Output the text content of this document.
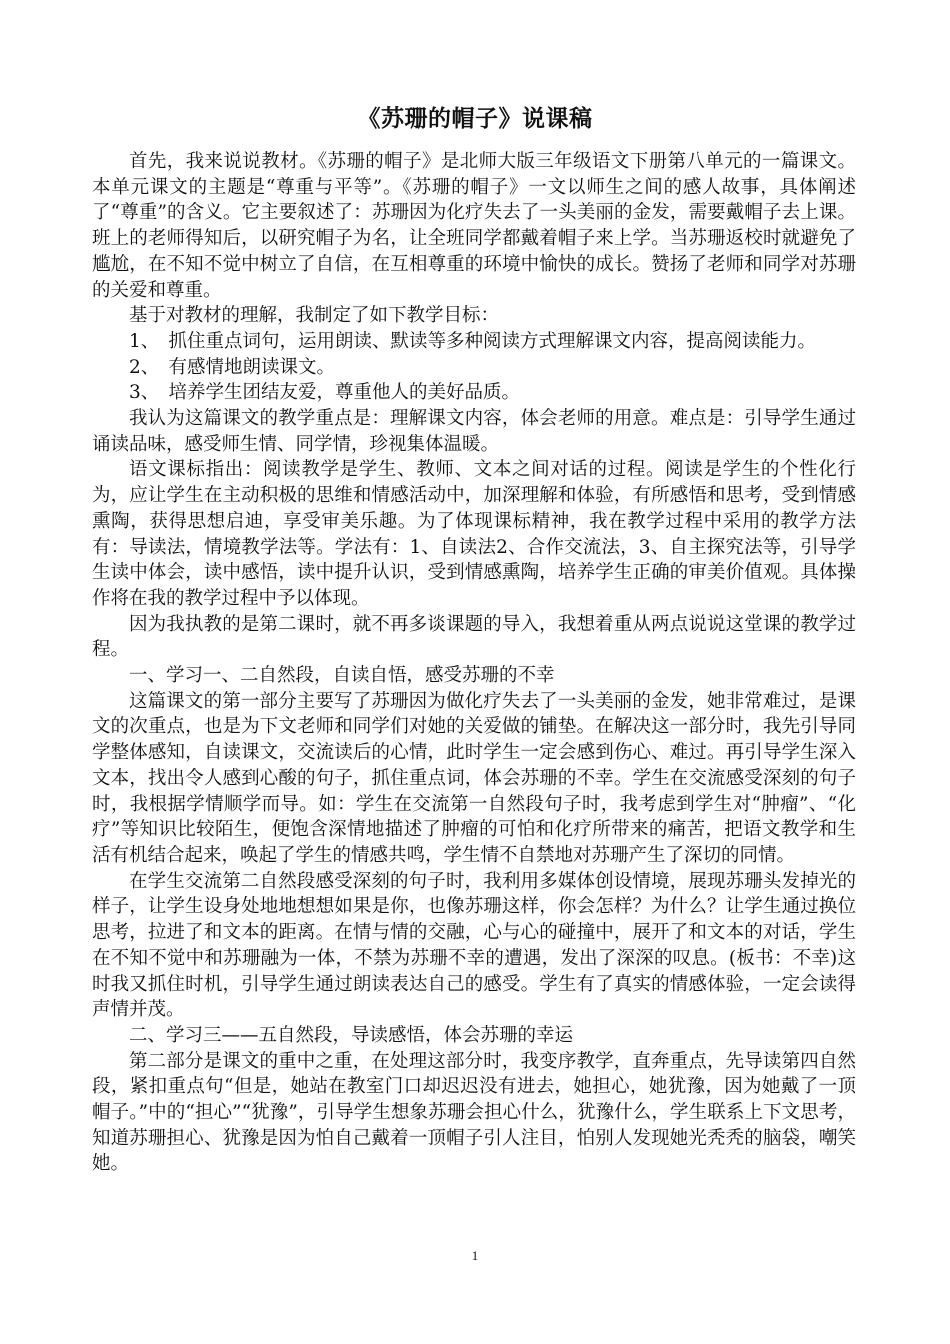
《苏珊的帽子》说课稿

首先，我来说说教材。《苏珊的帽子》是北师大版三年级语文下册第八单元的一篇课文。本单元课文的主题是“尊重与平等”。《苏珊的帽子》一文以师生之间的感人故事，具体阐述了“尊重”的含义。它主要叙述了：苏珊因为化疗失去了一头美丽的金发，需要戴帽子去上课。班上的老师得知后，以研究帽子为名，让全班同学都戴着帽子来上学。当苏珊返校时就避免了尴尬，在不知不觉中树立了自信，在互相尊重的环境中愉快的成长。赞扬了老师和同学对苏珊的关爱和尊重。

基于对教材的理解，我制定了如下教学目标：

1、　抓住重点词句，运用朗读、默读等多种阅读方式理解课文内容，提高阅读能力。

2、　有感情地朗读课文。

3、　培养学生团结友爱，尊重他人的美好品质。

我认为这篇课文的教学重点是：理解课文内容，体会老师的用意。难点是：引导学生通过诵读品味，感受师生情、同学情，珍视集体温暖。

语文课标指出：阅读教学是学生、教师、文本之间对话的过程。阅读是学生的个性化行为，应让学生在主动积极的思维和情感活动中，加深理解和体验，有所感悟和思考，受到情感熏陶，获得思想启迪，享受审美乐趣。为了体现课标精神，我在教学过程中采用的教学方法有：导读法，情境教学法等。学法有：1、自读法2、合作交流法，3、自主探究法等，引导学生读中体会，读中感悟，读中提升认识，受到情感熏陶，培养学生正确的审美价值观。具体操作将在我的教学过程中予以体现。

因为我执教的是第二课时，就不再多谈课题的导入，我想着重从两点说说这堂课的教学过程。

一、学习一、二自然段，自读自悟，感受苏珊的不幸

这篇课文的第一部分主要写了苏珊因为做化疗失去了一头美丽的金发，她非常难过，是课文的次重点，也是为下文老师和同学们对她的关爱做的铺垫。在解决这一部分时，我先引导同学整体感知，自读课文，交流读后的心情，此时学生一定会感到伤心、难过。再引导学生深入文本，找出令人感到心酸的句子，抓住重点词，体会苏珊的不幸。学生在交流感受深刻的句子时，我根据学情顺学而导。如：学生在交流第一自然段句子时，我考虑到学生对“肿瘤”、“化疗”等知识比较陌生，便饱含深情地描述了肿瘤的可怕和化疗所带来的痛苦，把语文教学和生活有机结合起来，唤起了学生的情感共鸣，学生情不自禁地对苏珊产生了深切的同情。

在学生交流第二自然段感受深刻的句子时，我利用多媒体创设情境，展现苏珊头发掉光的样子，让学生设身处地地想想如果是你，也像苏珊这样，你会怎样？为什么？让学生通过换位思考，拉进了和文本的距离。在情与情的交融，心与心的碰撞中，展开了和文本的对话，学生在不知不觉中和苏珊融为一体，不禁为苏珊不幸的遭遇，发出了深深的叹息。(板书：不幸)这时我又抓住时机，引导学生通过朗读表达自己的感受。学生有了真实的情感体验，一定会读得声情并茂。

二、学习三——五自然段，导读感悟，体会苏珊的幸运

第二部分是课文的重中之重，在处理这部分时，我变序教学，直奔重点，先导读第四自然段，紧扣重点句“但是，她站在教室门口却迟迟没有进去，她担心，她犹豫，因为她戴了一顶帽子。”中的“担心”“犹豫”，引导学生想象苏珊会担心什么，犹豫什么，学生联系上下文思考，知道苏珊担心、犹豫是因为怕自己戴着一顶帽子引人注目，怕别人发现她光秃秃的脑袋，嘲笑她。

1
